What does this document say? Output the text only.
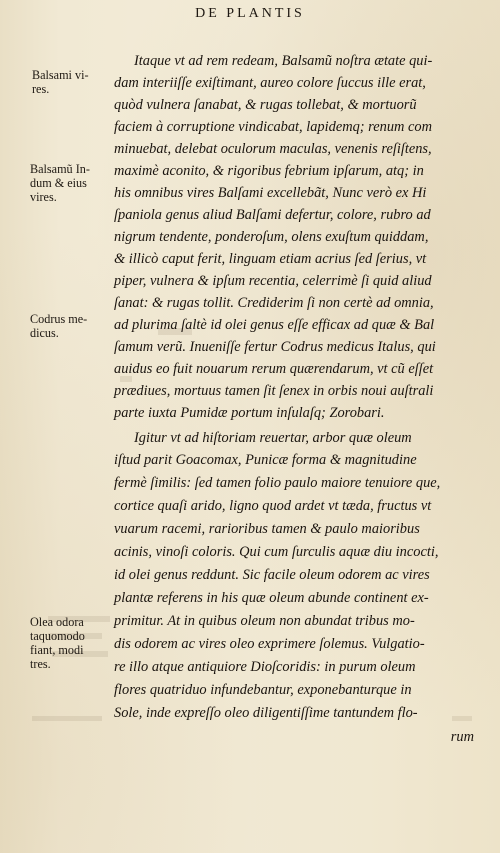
DE PLANTIS
Balsami vi-
res.
Balsamũ In-
dum & eius
vires.
Codrus me-
dicus.
Olea odora
taquomodo
fiant, modi
tres.
Itaque vt ad rem redeam, Balsamũ noſtra ætate qui-
dam interiiſſe exiſtimant, aureo colore ſuccus ille erat,
quòd vulnera ſanabat, & rugas tollebat, & mortuorũ
faciem à corruptione vindicabat, lapidemq; renum com
minuebat, delebat oculorum maculas, venenis reſiſtens,
maximè aconito, & rigoribus febrium ipſarum, atq; in
his omnibus vires Balſami excellebãt, Nunc verò ex Hi
ſpaniola genus aliud Balſami defertur, colore, rubro ad
nigrum tendente, ponderoſum, olens exuſtum quiddam,
& illicò caput ferit, linguam etiam acrius ſed ſerius, vt
piper, vulnera & ipſum recentia, celerrimè ſi quid aliud
ſanat: & rugas tollit. Crediderim ſi non certè ad omnia,
ad plurima ſaltè id olei genus eſſe efficax ad quæ & Bal
ſamum verũ. Inueniſſe fertur Codrus medicus Italus, qui
auidus eo fuit nouarum rerum quærendarum, vt cũ eſſet
prædiues, mortuus tamen ſit ſenex in orbis noui auſtrali
parte iuxta Pumidæ portum inſulaſq; Zorobari.
Igitur vt ad hiſtoriam reuertar, arbor quæ oleum
iſtud parit Goacomax, Punicæ forma & magnitudine
fermè ſimilis: ſed tamen folio paulo maiore tenuiore que,
cortice quaſi arido, ligno quod ardet vt tæda, fructus vt
vuarum racemi, rarioribus tamen & paulo maioribus
acinis, vinoſi coloris. Qui cum ſurculis aquæ diu incocti,
id olei genus reddunt. Sic facile oleum odorem ac vires
plantæ referens in his quæ oleum abunde continent ex-
primitur. At in quibus oleum non abundat tribus mo-
dis odorem ac vires oleo exprimere ſolemus. Vulgatio-
re illo atque antiquiore Dioſcoridis: in purum oleum
flores quatriduo infundebantur, exponebanturque in
Sole, inde expreſſo oleo diligentiſſime tantundem flo-
rum
